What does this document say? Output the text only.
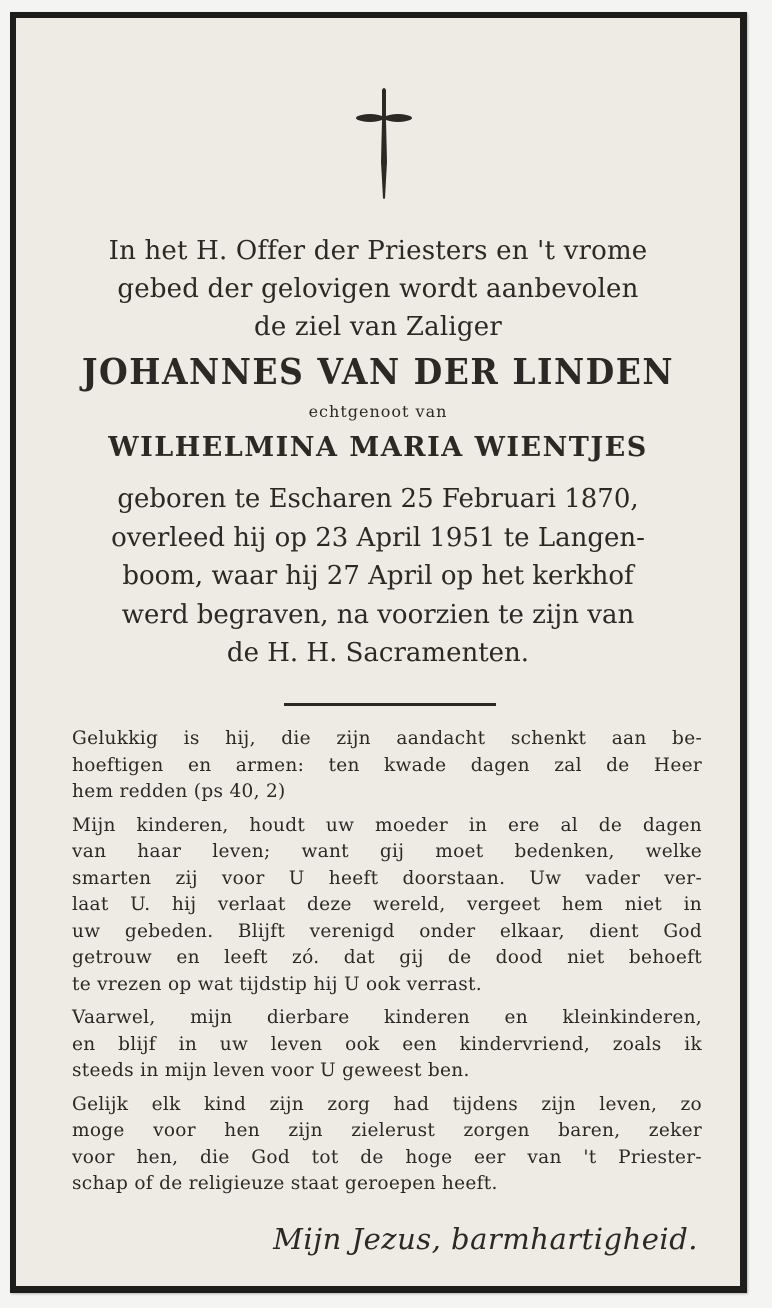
In het H. Offer der Priesters en 't vrome
gebed der gelovigen wordt aanbevolen
de ziel van Zaliger
JOHANNES VAN DER LINDEN
echtgenoot van
WILHELMINA MARIA WIENTJES
geboren te Escharen 25 Februari 1870,
overleed hij op 23 April 1951 te Langen-
boom, waar hij 27 April op het kerkhof
werd begraven, na voorzien te zijn van
de H. H. Sacramenten.
Gelukkig is hij, die zijn aandacht schenkt aan be-
hoeftigen en armen: ten kwade dagen zal de Heer
hem redden (ps 40, 2)
Mijn kinderen, houdt uw moeder in ere al de dagen
van haar leven; want gij moet bedenken, welke
smarten zij voor U heeft doorstaan. Uw vader ver-
laat U. hij verlaat deze wereld, vergeet hem niet in
uw gebeden. Blijft verenigd onder elkaar, dient God
getrouw en leeft zó. dat gij de dood niet behoeft
te vrezen op wat tijdstip hij U ook verrast.
Vaarwel, mijn dierbare kinderen en kleinkinderen,
en blijf in uw leven ook een kindervriend, zoals ik
steeds in mijn leven voor U geweest ben.
Gelijk elk kind zijn zorg had tijdens zijn leven, zo
moge voor hen zijn zielerust zorgen baren, zeker
voor hen, die God tot de hoge eer van 't Priester-
schap of de religieuze staat geroepen heeft.
Mijn Jezus, barmhartigheid.
